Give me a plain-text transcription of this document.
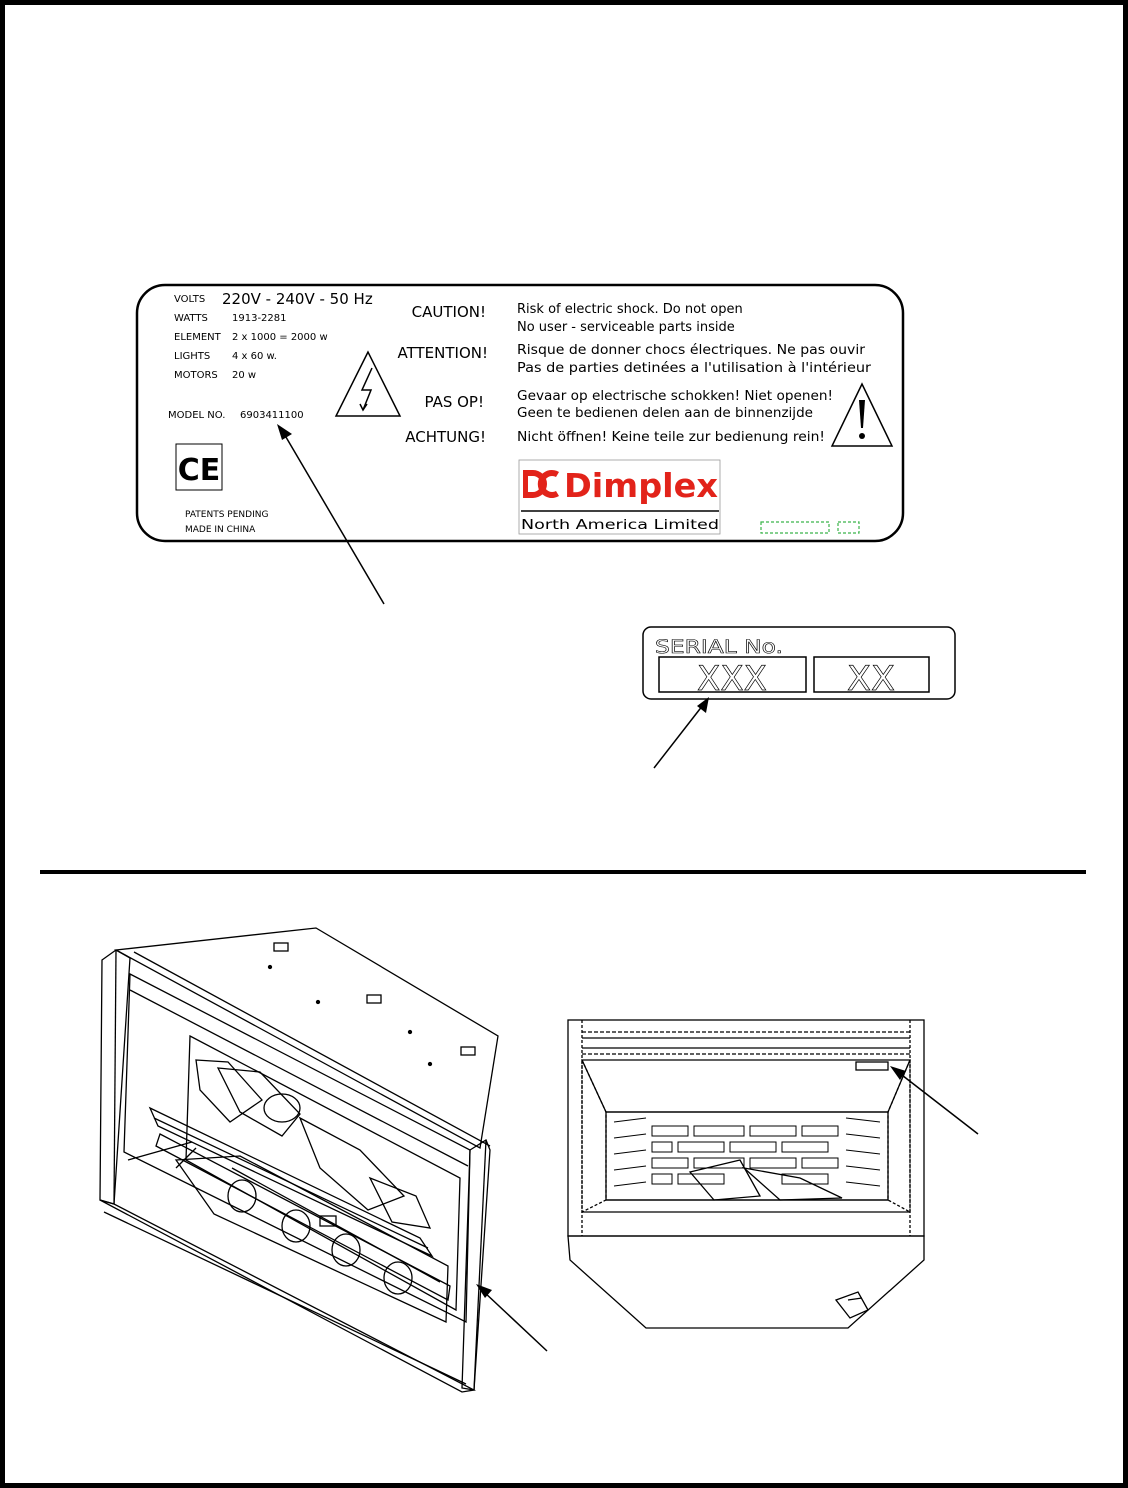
VOLTS
WATTS
ELEMENT
LIGHTS
MOTORS
220V - 240V - 50 Hz
1913-2281
2 x 1000 = 2000 w
4 x 60 w.
20 w
MODEL NO. 6903411100
CE
PATENTS PENDING
MADE IN CHINA
CAUTION!
ATTENTION!
PAS OP!
ACHTUNG!
Risk of electric shock. Do not open
No user - serviceable parts inside
Risque de donner chocs électriques. Ne pas ouvir
Pas de parties detinées a l'utilisation à l'intérieur
Gevaar op electrische schokken! Niet openen!
Geen te bedienen delen aan de binnenzijde
Nicht öffnen! Keine teile zur bedienung rein!
Dimplex
North America Limited
SERIAL No.
XXX XX
